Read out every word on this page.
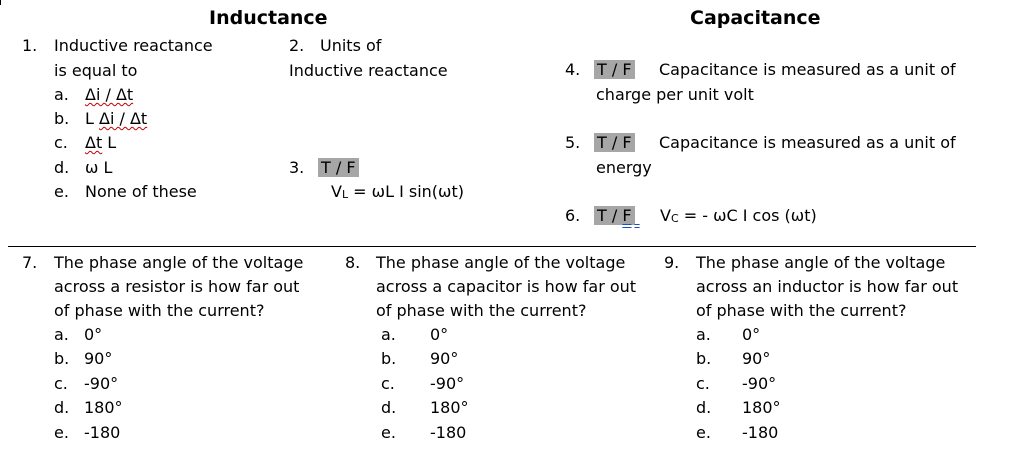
Inductance	Capacitance
1. Inductive reactance
is equal to
a. Δi / Δt
b. L Δi / Δt
c. Δt L
d. ω L
e. None of these
2. Units of
Inductive reactance
3. T / F
VL = ωL I sin(ωt)
4. T / F Capacitance is measured as a unit of
charge per unit volt
5. T / F Capacitance is measured as a unit of
energy
6. T / F	VC = - ωC I cos (ωt)
7. The phase angle of the voltage
across a resistor is how far out
of phase with the current?
a. 0°
b. 90°
c. -90°
d. 180°
e. -180
8. The phase angle of the voltage
across a capacitor is how far out
of phase with the current?
a. 0°
b. 90°
c. -90°
d. 180°
e. -180
9. The phase angle of the voltage
across an inductor is how far out
of phase with the current?
a. 0°
b. 90°
c. -90°
d. 180°
e. -180
